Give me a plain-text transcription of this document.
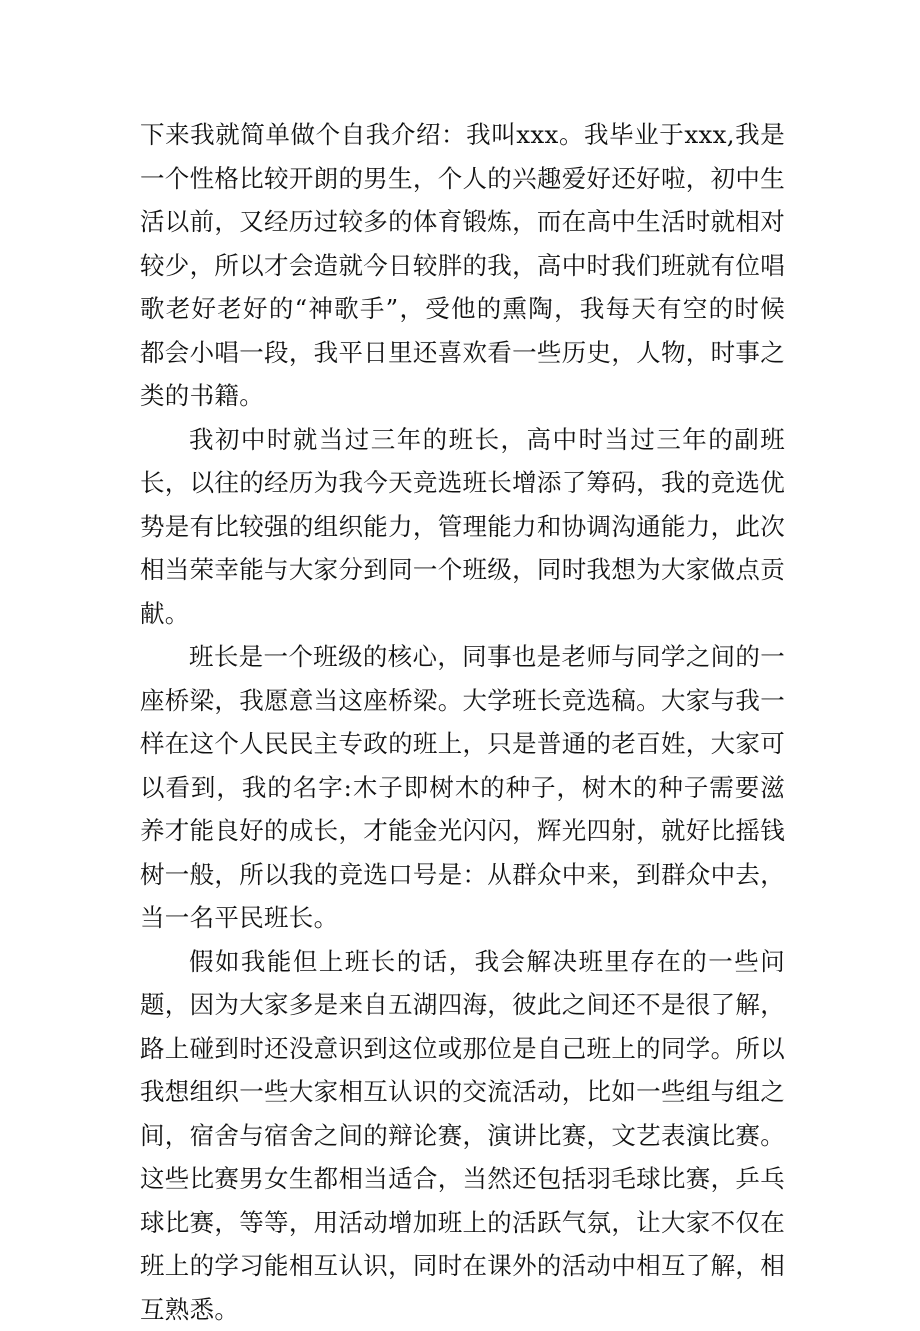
下来我就简单做个自我介绍：我叫xxx。我毕业于xxx,我是一个性格比较开朗的男生，个人的兴趣爱好还好啦，初中生活以前，又经历过较多的体育锻炼，而在高中生活时就相对较少，所以才会造就今日较胖的我，高中时我们班就有位唱歌老好老好的“神歌手”，受他的熏陶，我每天有空的时候都会小唱一段，我平日里还喜欢看一些历史，人物，时事之类的书籍。

我初中时就当过三年的班长，高中时当过三年的副班长，以往的经历为我今天竞选班长增添了筹码，我的竞选优势是有比较强的组织能力，管理能力和协调沟通能力，此次相当荣幸能与大家分到同一个班级，同时我想为大家做点贡献。

班长是一个班级的核心，同事也是老师与同学之间的一座桥梁，我愿意当这座桥梁。大学班长竞选稿。大家与我一样在这个人民民主专政的班上，只是普通的老百姓，大家可以看到，我的名字:木子即树木的种子，树木的种子需要滋养才能良好的成长，才能金光闪闪，辉光四射，就好比摇钱树一般，所以我的竞选口号是：从群众中来，到群众中去，当一名平民班长。

假如我能但上班长的话，我会解决班里存在的一些问题，因为大家多是来自五湖四海，彼此之间还不是很了解，路上碰到时还没意识到这位或那位是自己班上的同学。所以我想组织一些大家相互认识的交流活动，比如一些组与组之间，宿舍与宿舍之间的辩论赛，演讲比赛，文艺表演比赛。这些比赛男女生都相当适合，当然还包括羽毛球比赛，乒乓球比赛，等等，用活动增加班上的活跃气氛，让大家不仅在班上的学习能相互认识，同时在课外的活动中相互了解，相互熟悉。
